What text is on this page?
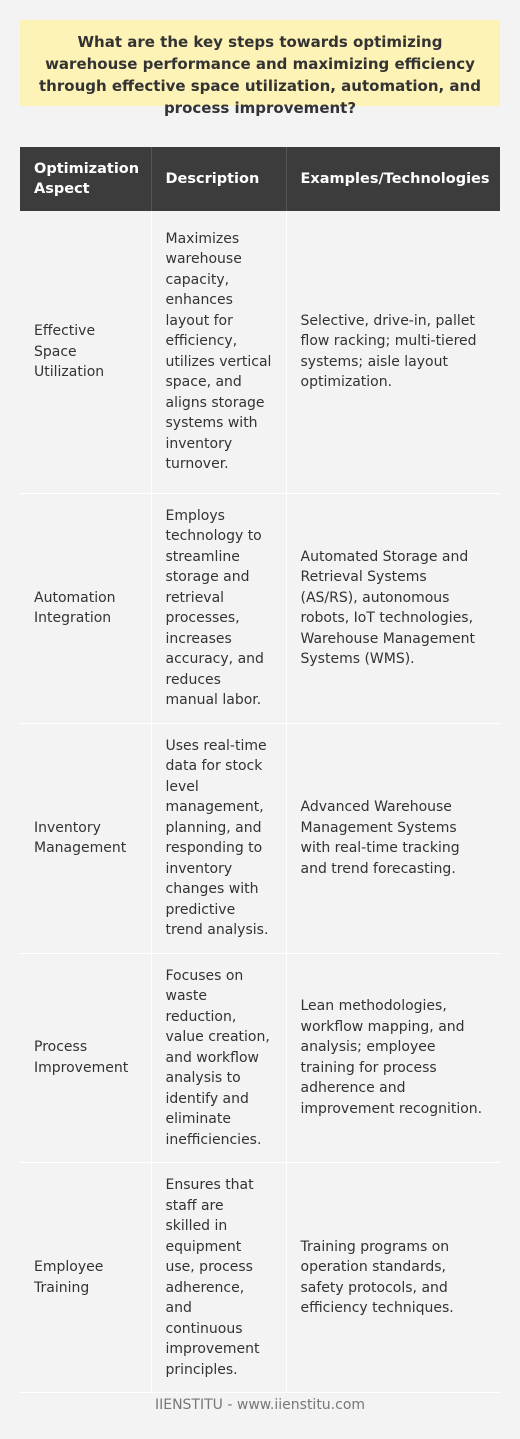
What are the key steps towards optimizing warehouse performance and maximizing efficiency through effective space utilization, automation, and process improvement?
Optimization Aspect	Description	Examples/Technologies
Effective Space Utilization	Maximizes warehouse capacity, enhances layout for efficiency, utilizes vertical space, and aligns storage systems with inventory turnover.	Selective, drive-in, pallet flow racking; multi-tiered systems; aisle layout optimization.
Automation Integration	Employs technology to streamline storage and retrieval processes, increases accuracy, and reduces manual labor.	Automated Storage and Retrieval Systems (AS/RS), autonomous robots, IoT technologies, Warehouse Management Systems (WMS).
Inventory Management	Uses real-time data for stock level management, planning, and responding to inventory changes with predictive trend analysis.	Advanced Warehouse Management Systems with real-time tracking and trend forecasting.
Process Improvement	Focuses on waste reduction, value creation, and workflow analysis to identify and eliminate inefficiencies.	Lean methodologies, workflow mapping, and analysis; employee training for process adherence and improvement recognition.
Employee Training	Ensures that staff are skilled in equipment use, process adherence, and continuous improvement principles.	Training programs on operation standards, safety protocols, and efficiency techniques.
IIENSTITU - www.iienstitu.com
